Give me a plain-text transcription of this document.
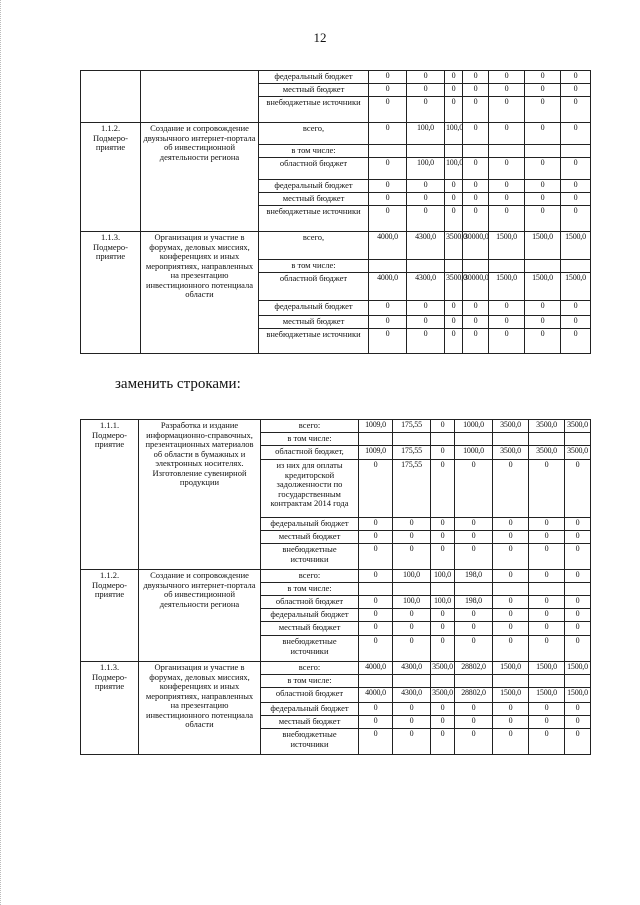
12
		федеральный бюджет	0	0	0	0	0	0	0
		местный бюджет	0	0	0	0	0	0	0
		внебюджетные источники	0	0	0	0	0	0	0
1.1.2. Подмеро-приятие	Создание и сопровождение двуязычного интернет-портала об инвестиционной деятельности региона	всего,	0	100,0	100,0	0	0	0	0
		в том числе:							
		областной бюджет	0	100,0	100,0	0	0	0	0
		федеральный бюджет	0	0	0	0	0	0	0
		местный бюджет	0	0	0	0	0	0	0
		внебюджетные источники	0	0	0	0	0	0	0
1.1.3. Подмеро-приятие	Организация и участие в форумах, деловых миссиях, конференциях и иных мероприятиях, направленных на презентацию инвестиционного потенциала области	всего,	4000,0	4300,0	3500,0	30000,0	1500,0	1500,0	1500,0
		в том числе:							
		областной бюджет	4000,0	4300,0	3500,0	30000,0	1500,0	1500,0	1500,0
		федеральный бюджет	0	0	0	0	0	0	0
		местный бюджет	0	0	0	0	0	0	0
		внебюджетные источники	0	0	0	0	0	0	0
заменить строками:
1.1.1. Подмеро-приятие	Разработка и издание информационно-справочных, презентационных материалов об области в бумажных и электронных носителях. Изготовление сувенирной продукции	всего:	1009,0	175,55	0	1000,0	3500,0	3500,0	3500,0
		в том числе:							
		областной бюджет,	1009,0	175,55	0	1000,0	3500,0	3500,0	3500,0
		из них для оплаты кредиторской задолженности по государственным контрактам 2014 года	0	175,55	0	0	0	0	0
		федеральный бюджет	0	0	0	0	0	0	0
		местный бюджет	0	0	0	0	0	0	0
		внебюджетные источники	0	0	0	0	0	0	0
1.1.2. Подмеро-приятие	Создание и сопровождение двуязычного интернет-портала об инвестиционной деятельности региона	всего:	0	100,0	100,0	198,0	0	0	0
		в том числе:							
		областной бюджет	0	100,0	100,0	198,0	0	0	0
		федеральный бюджет	0	0	0	0	0	0	0
		местный бюджет	0	0	0	0	0	0	0
		внебюджетные источники	0	0	0	0	0	0	0
1.1.3. Подмеро-приятие	Организация и участие в форумах, деловых миссиях, конференциях и иных мероприятиях, направленных на презентацию инвестиционного потенциала области	всего:	4000,0	4300,0	3500,0	28802,0	1500,0	1500,0	1500,0
		в том числе:							
		областной бюджет	4000,0	4300,0	3500,0	28802,0	1500,0	1500,0	1500,0
		федеральный бюджет	0	0	0	0	0	0	0
		местный бюджет	0	0	0	0	0	0	0
		внебюджетные источники	0	0	0	0	0	0	0
